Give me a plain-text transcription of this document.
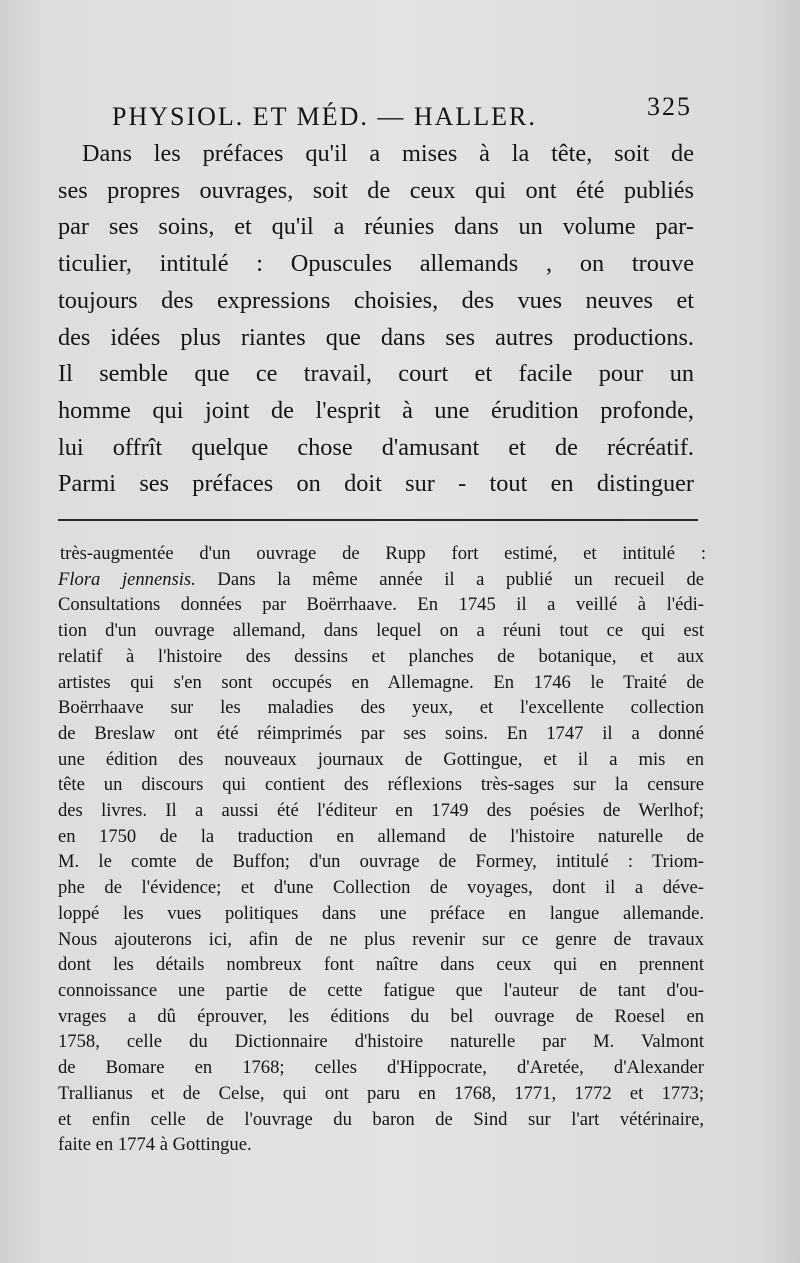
PHYSIOL. ET MÉD. — HALLER.	325
Dans les préfaces qu'il a mises à la tête, soit de
ses propres ouvrages, soit de ceux qui ont été publiés
par ses soins, et qu'il a réunies dans un volume par-
ticulier, intitulé : Opuscules allemands , on trouve
toujours des expressions choisies, des vues neuves et
des idées plus riantes que dans ses autres productions.
Il semble que ce travail, court et facile pour un
homme qui joint de l'esprit à une érudition profonde,
lui offrît quelque chose d'amusant et de récréatif.
Parmi ses préfaces on doit sur - tout en distinguer
très-augmentée d'un ouvrage de Rupp fort estimé, et intitulé :
Flora jennensis. Dans la même année il a publié un recueil de
Consultations données par Boërrhaave. En 1745 il a veillé à l'édi-
tion d'un ouvrage allemand, dans lequel on a réuni tout ce qui est
relatif à l'histoire des dessins et planches de botanique, et aux
artistes qui s'en sont occupés en Allemagne. En 1746 le Traité de
Boërrhaave sur les maladies des yeux, et l'excellente collection
de Breslaw ont été réimprimés par ses soins. En 1747 il a donné
une édition des nouveaux journaux de Gottingue, et il a mis en
tête un discours qui contient des réflexions très-sages sur la censure
des livres. Il a aussi été l'éditeur en 1749 des poésies de Werlhof;
en 1750 de la traduction en allemand de l'histoire naturelle de
M. le comte de Buffon; d'un ouvrage de Formey, intitulé : Triom-
phe de l'évidence; et d'une Collection de voyages, dont il a déve-
loppé les vues politiques dans une préface en langue allemande.
Nous ajouterons ici, afin de ne plus revenir sur ce genre de travaux
dont les détails nombreux font naître dans ceux qui en prennent
connoissance une partie de cette fatigue que l'auteur de tant d'ou-
vrages a dû éprouver, les éditions du bel ouvrage de Roesel en
1758, celle du Dictionnaire d'histoire naturelle par M. Valmont
de Bomare en 1768; celles d'Hippocrate, d'Aretée, d'Alexander
Trallianus et de Celse, qui ont paru en 1768, 1771, 1772 et 1773;
et enfin celle de l'ouvrage du baron de Sind sur l'art vétérinaire,
faite en 1774 à Gottingue.
